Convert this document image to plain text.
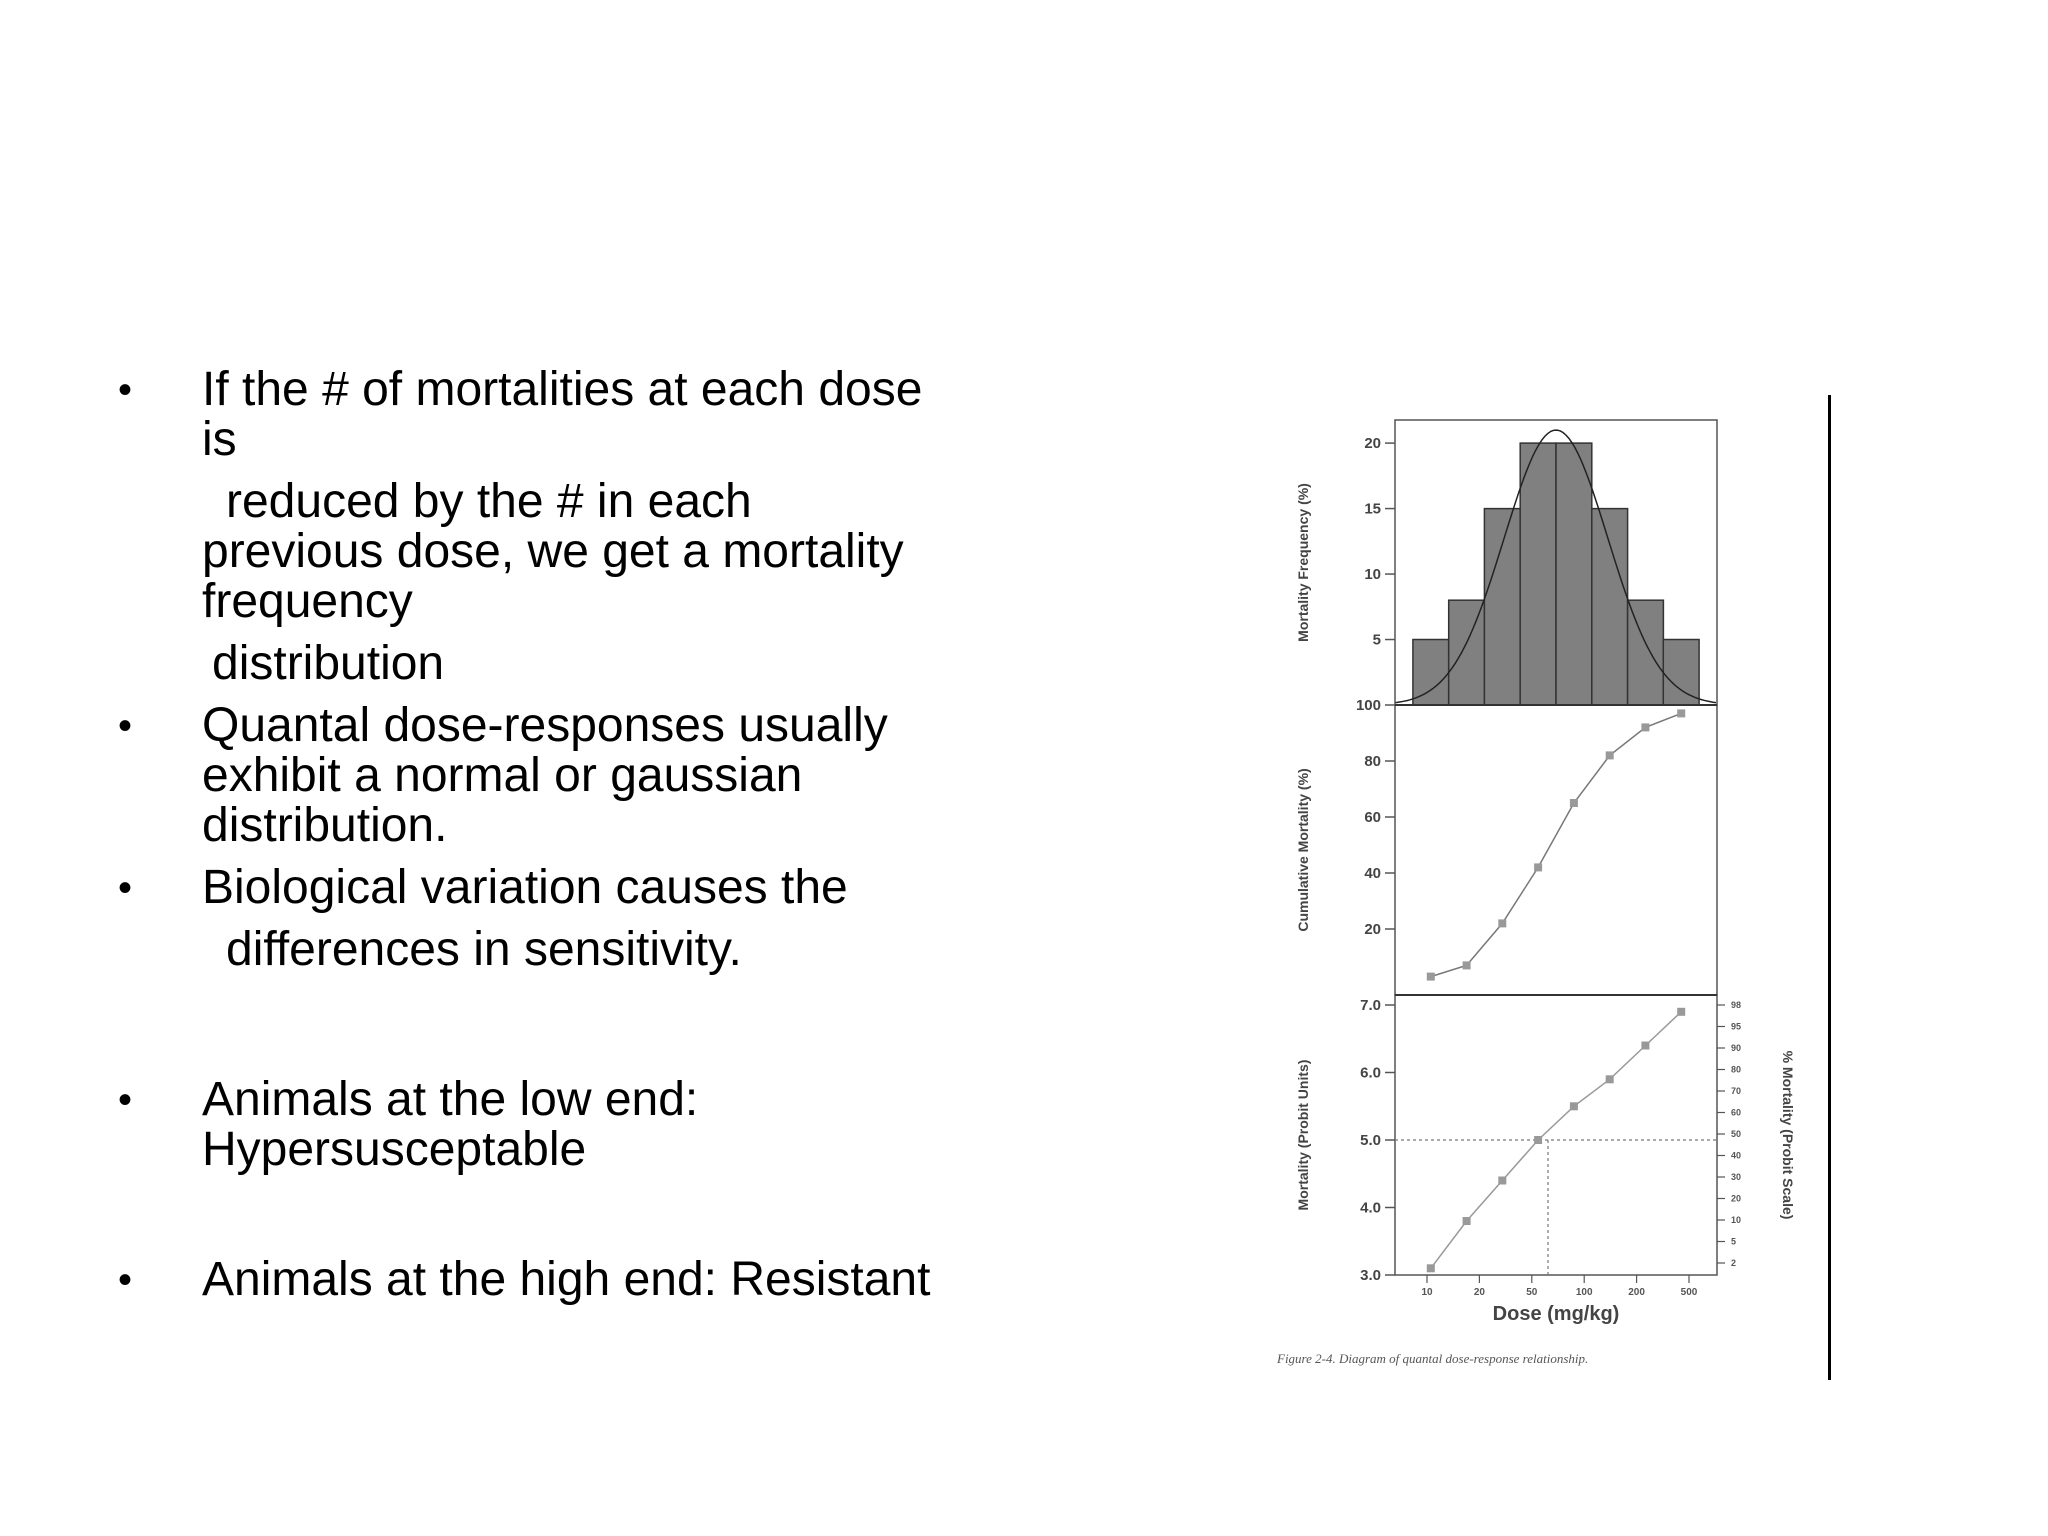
• If the # of mortalities at each dose
is
reduced by the # in each
previous dose, we get a mortality
frequency
distribution
• Quantal dose-responses usually
exhibit a normal or gaussian
distribution.
• Biological variation causes the
differences in sensitivity.
• Animals at the low end:
Hypersusceptable
• Animals at the high end: Resistant
5
10
15
20
Mortality Frequency (%)
20
40
60
80
100
Cumulative Mortality (%)
3.0
4.0
5.0
6.0
7.0
2
5
10
20
30
40
50
60
70
80
90
95
98
10	20	50	100	200	500
Dose (mg/kg)
Mortality (Probit Units)	% Mortality (Probit Scale)
Figure 2-4. Diagram of quantal dose-response relationship.
